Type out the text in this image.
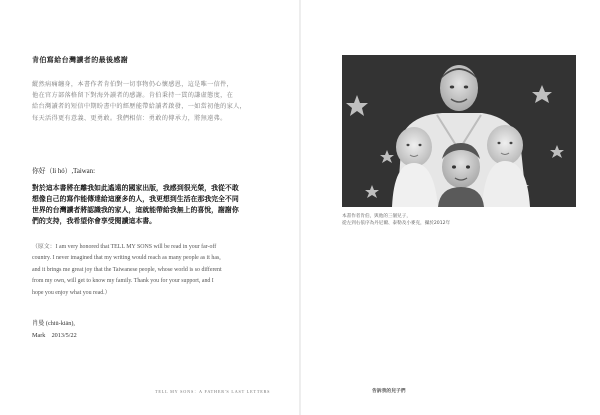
肯伯寫給台灣讀者的最後感謝
縱然病痛纏身，本書作者肯伯對一切事物仍心懷感恩，這是唯一信件，
他在官方部落格留下對海外讀者的感謝。肯伯秉持一貫的謙虛態度，在
給台灣讀者的短信中期盼書中的經歷能帶給讀者啟發，一如當初他的家人，
每天活得更有意義、更勇敢。我們相信：勇敢的傳承力，將無遠弗。
你好（li hó）,Taiwan:
對於這本書將在離我如此遙遠的國家出版，我感到很光榮，我從不敢
想像自己的寫作能傳達給這麼多的人，我更想到生活在那我完全不同
世界的台灣讀者將認識我的家人，這就能帶給我無上的喜悅，謝謝你
們的支持，我希望你會享受閱讀這本書。
（原文：I am very honored that TELL MY SONS will be read in your far-off
country. I never imagined that my writing would reach as many people as it has,
and it brings me great joy that the Taiwanese people, whose world is so different
from my own, will get to know my family. Thank you for your support, and I
hope you enjoy what you read.）
肖曼 (chiū-kiān),
Mark　2013/5/22
TELL MY SONS：A FATHER'S LAST LETTERS
本書作者肯伯，與他的三個兒子，
從左到右依序為丹尼爾、泰勒及小麥克，攝於2012年
告訴我的兒子們
